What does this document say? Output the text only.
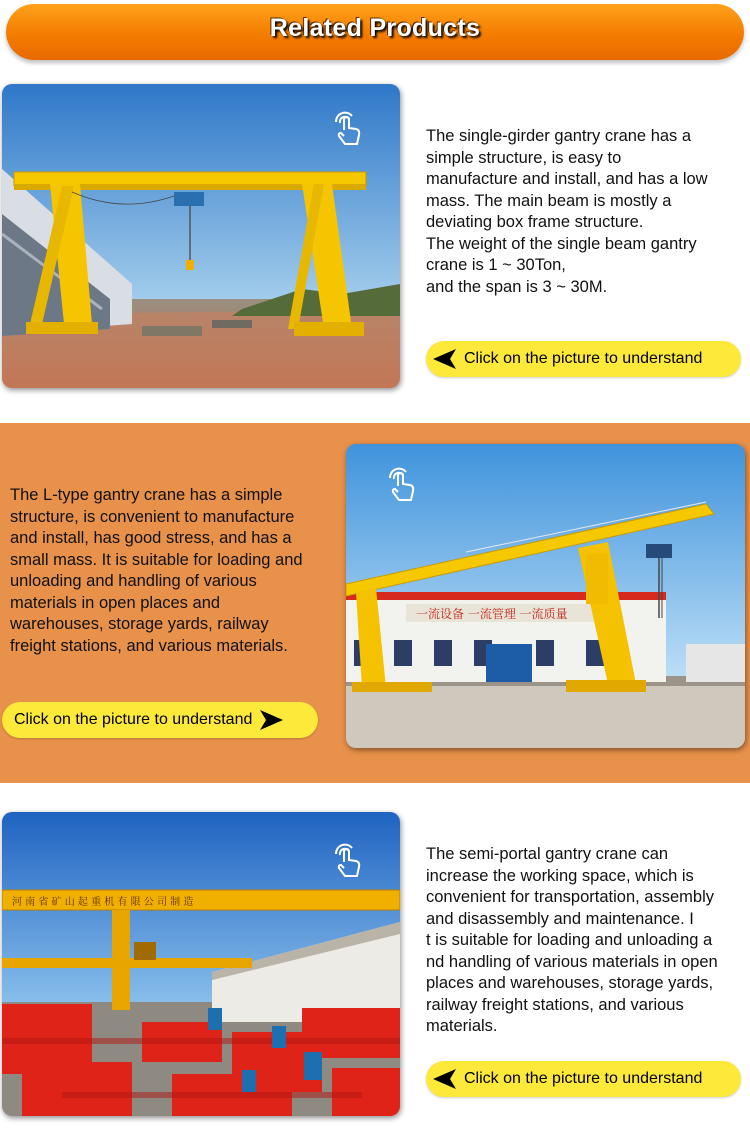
Related Products
The single-girder gantry crane has a
simple structure, is easy to
manufacture and install, and has a low
mass. The main beam is mostly a
deviating box frame structure.
The weight of the single beam gantry
crane is 1 ~ 30Ton,
and the span is 3 ~ 30M.
Click on the picture to understand
The L-type gantry crane has a simple
structure, is convenient to manufacture
and install, has good stress, and has a
small mass. It is suitable for loading and
unloading and handling of various
materials in open places and
warehouses, storage yards, railway
freight stations, and various materials.
Click on the picture to understand
一流设备 一流管理 一流质量
河 南 省 矿 山 起 重 机 有 限 公 司 制 造
The semi-portal gantry crane can
increase the working space, which is
convenient for transportation, assembly
and disassembly and maintenance. I
t is suitable for loading and unloading a
nd handling of various materials in open
places and warehouses, storage yards,
railway freight stations, and various
materials.
Click on the picture to understand
